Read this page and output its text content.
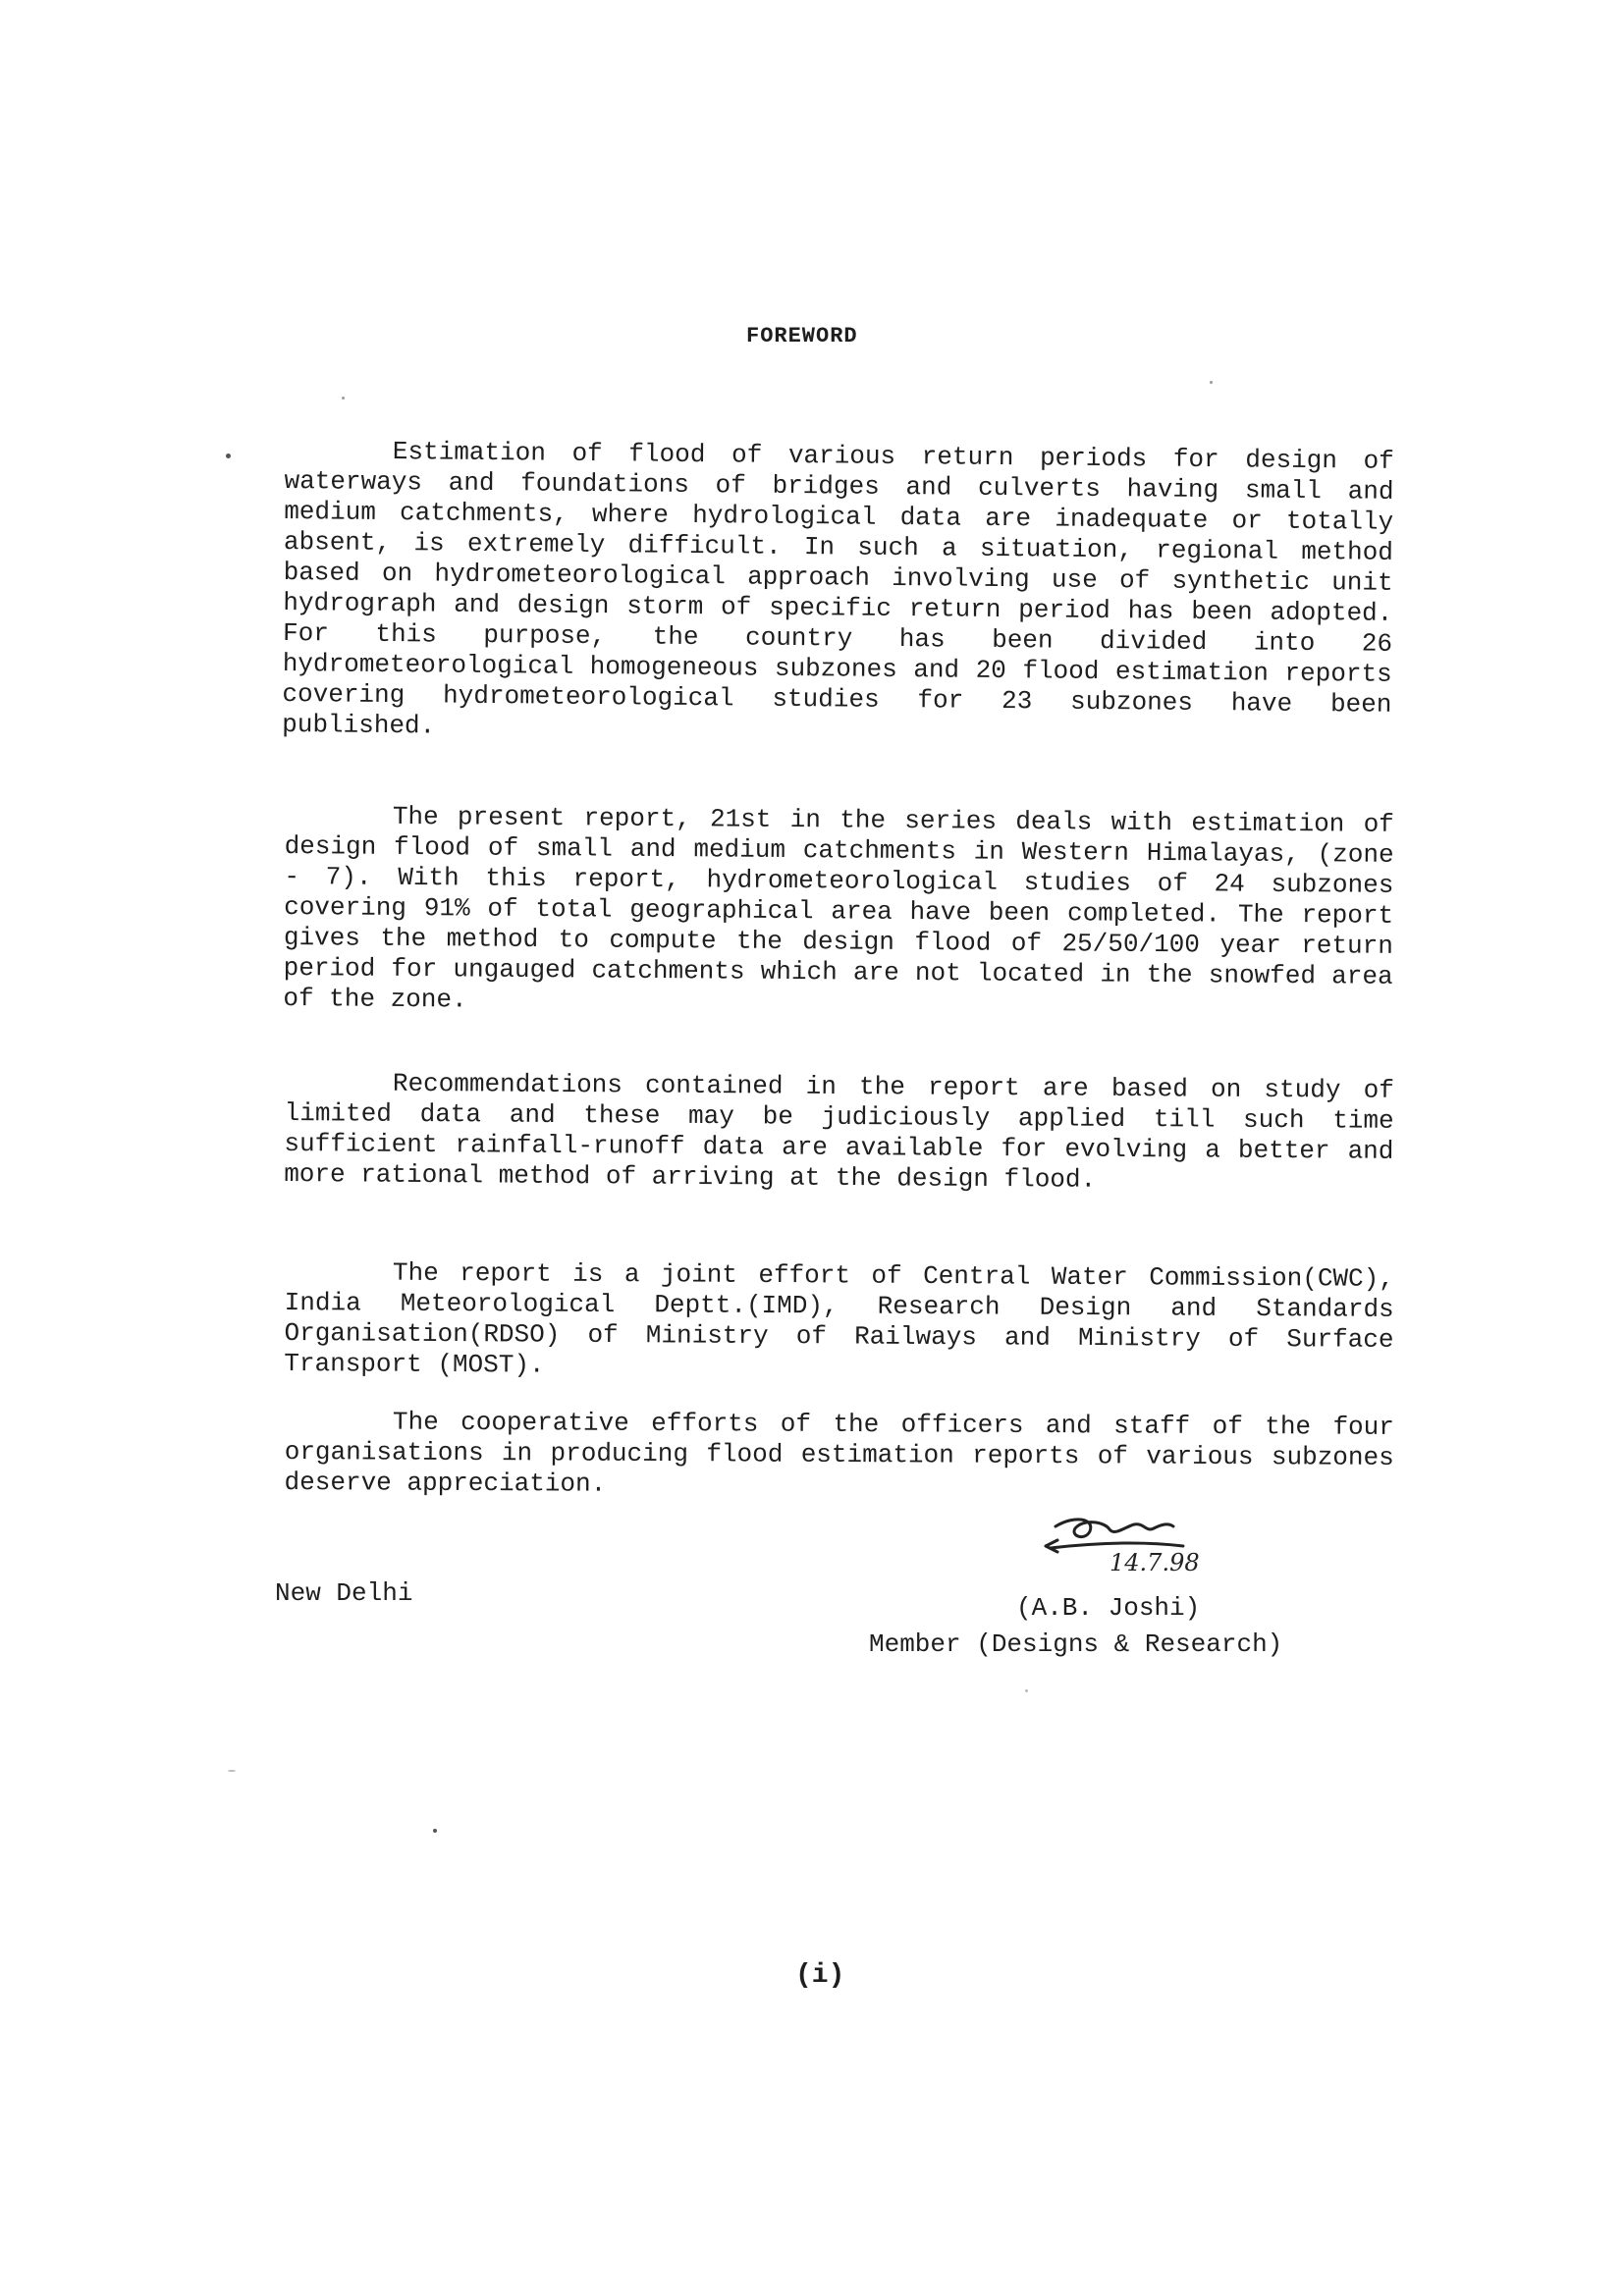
FOREWORD

Estimation of flood of various return periods for design of waterways and foundations of bridges and culverts having small and medium catchments, where hydrological data are inadequate or totally absent, is extremely difficult. In such a situation, regional method based on hydrometeorological approach involving use of synthetic unit hydrograph and design storm of specific return period has been adopted. For this purpose, the country has been divided into 26 hydrometeorological homogeneous subzones and 20 flood estimation reports covering hydrometeorological studies for 23 subzones have been published.

The present report, 21st in the series deals with estimation of design flood of small and medium catchments in Western Himalayas, (zone - 7). With this report, hydrometeorological studies of 24 subzones covering 91% of total geographical area have been completed. The report gives the method to compute the design flood of 25/50/100 year return period for ungauged catchments which are not located in the snowfed area of the zone.

Recommendations contained in the report are based on study of limited data and these may be judiciously applied till such time sufficient rainfall-runoff data are available for evolving a better and more rational method of arriving at the design flood.

The report is a joint effort of Central Water Commission(CWC), India Meteorological Deptt.(IMD), Research Design and Standards Organisation(RDSO) of Ministry of Railways and Ministry of Surface Transport (MOST).

The cooperative efforts of the officers and staff of the four organisations in producing flood estimation reports of various subzones deserve appreciation.

New Delhi
14.7.98
(A.B. Joshi)
Member (Designs & Research)
(i)
